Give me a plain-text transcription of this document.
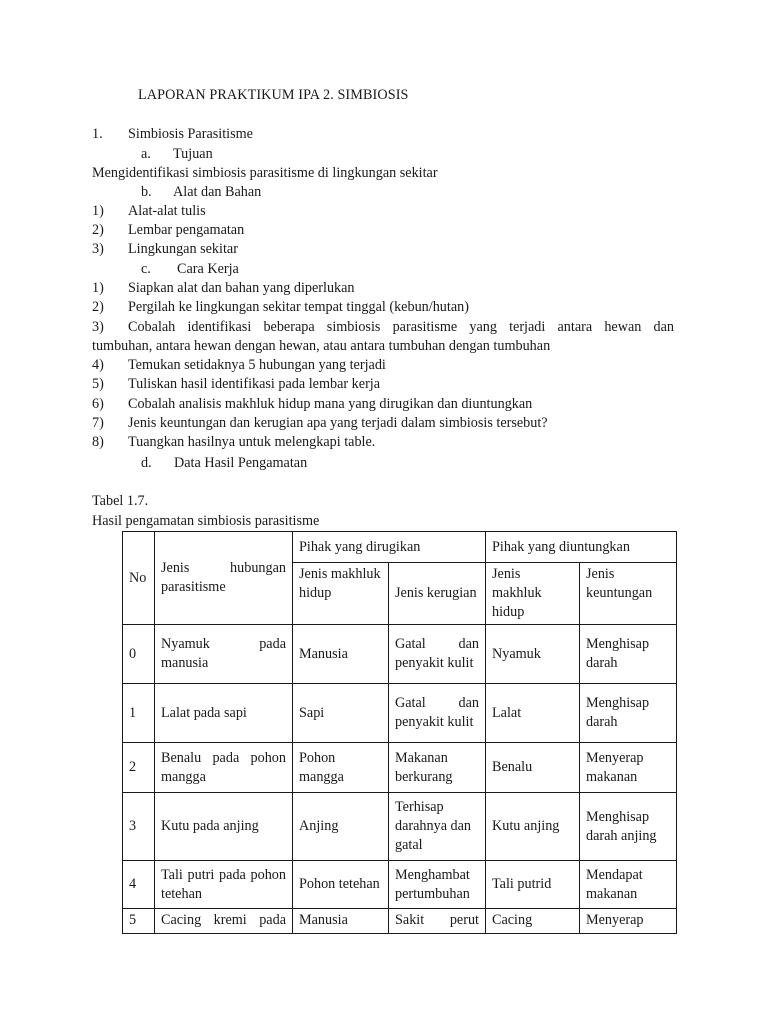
LAPORAN PRAKTIKUM IPA 2. SIMBIOSIS
1. Simbiosis Parasitisme
a. Tujuan
Mengidentifikasi simbiosis parasitisme di lingkungan sekitar
b. Alat dan Bahan
1) Alat-alat tulis
2) Lembar pengamatan
3) Lingkungan sekitar
c. Cara Kerja
1) Siapkan alat dan bahan yang diperlukan
2) Pergilah ke lingkungan sekitar tempat tinggal (kebun/hutan)
3) Cobalah identifikasi beberapa simbiosis parasitisme yang terjadi antara hewan dan
tumbuhan, antara hewan dengan hewan, atau antara tumbuhan dengan tumbuhan
4) Temukan setidaknya 5 hubungan yang terjadi
5) Tuliskan hasil identifikasi pada lembar kerja
6) Cobalah analisis makhluk hidup mana yang dirugikan dan diuntungkan
7) Jenis keuntungan dan kerugian apa yang terjadi dalam simbiosis tersebut?
8) Tuangkan hasilnya untuk melengkapi table.
d. Data Hasil Pengamatan
Tabel 1.7.
Hasil pengamatan simbiosis parasitisme
No	Jenis hubungan parasitisme	Pihak yang dirugikan		Pihak yang diuntungkan	
		Jenis makhluk hidup	Jenis kerugian	Jenis makhluk hidup	Jenis keuntungan
0	Nyamuk pada manusia	Manusia	Gatal dan penyakit kulit	Nyamuk	Menghisap darah
1	Lalat pada sapi	Sapi	Gatal dan penyakit kulit	Lalat	Menghisap darah
2	Benalu pada pohon mangga	Pohon mangga	Makanan berkurang	Benalu	Menyerap makanan
3	Kutu pada anjing	Anjing	Terhisap darahnya dan gatal	Kutu anjing	Menghisap darah anjing
4	Tali putri pada pohon tetehan	Pohon tetehan	Menghambat pertumbuhan	Tali putrid	Mendapat makanan
5	Cacing kremi pada	Manusia	Sakit perut	Cacing	Menyerap
